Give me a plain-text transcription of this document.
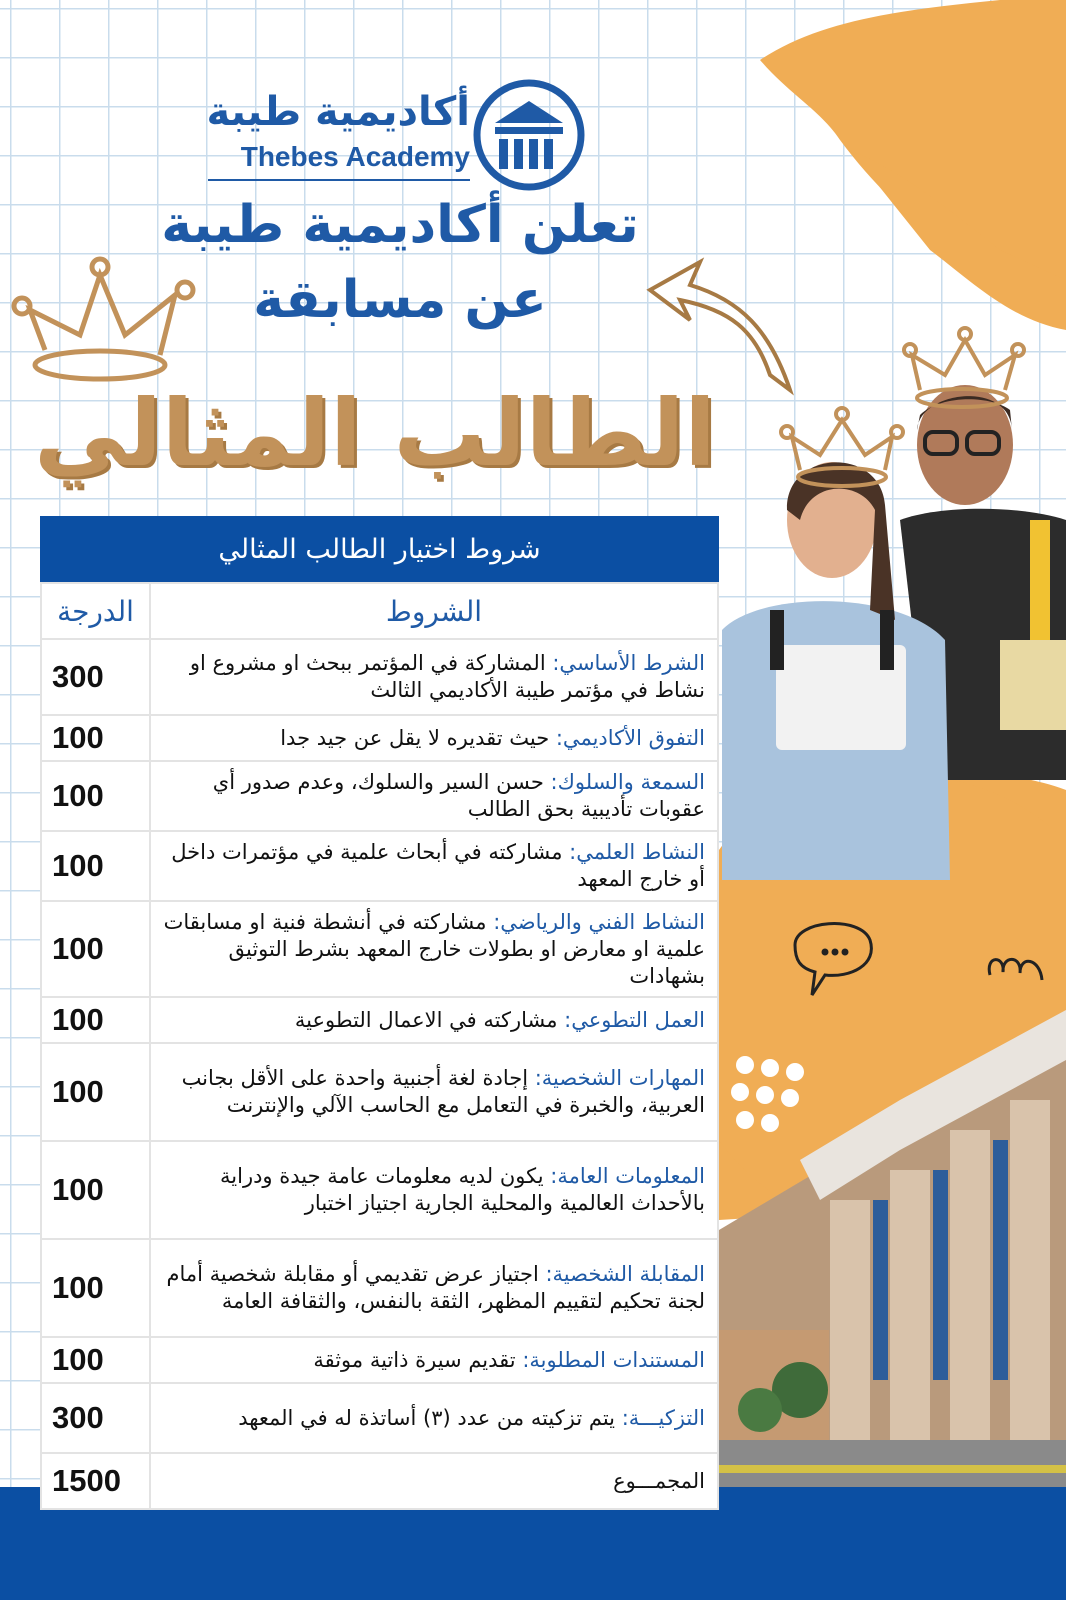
أكاديمية طيبة
Thebes Academy
تعلن أكاديمية طيبة
عن مسابقة
الطالب المثالي
شروط اختيار الطالب المثالي
الشروط	الدرجة
الشرط الأساسي: المشاركة في المؤتمر ببحث او مشروع او نشاط في مؤتمر طيبة الأكاديمي الثالث	300
التفوق الأكاديمي: حيث تقديره لا يقل عن جيد جدا	100
السمعة والسلوك: حسن السير والسلوك، وعدم صدور أي عقوبات تأديبية بحق الطالب	100
النشاط العلمي: مشاركته في أبحاث علمية في مؤتمرات داخل أو خارج المعهد	100
النشاط الفني والرياضي: مشاركته في أنشطة فنية او مسابقات علمية او معارض او بطولات خارج المعهد بشرط التوثيق بشهادات	100
العمل التطوعي: مشاركته في الاعمال التطوعية	100
المهارات الشخصية: إجادة لغة أجنبية واحدة على الأقل بجانب العربية، والخبرة في التعامل مع الحاسب الآلي والإنترنت	100
المعلومات العامة: يكون لديه معلومات عامة جيدة ودراية بالأحداث العالمية والمحلية الجارية اجتياز اختبار	100
المقابلة الشخصية: اجتياز عرض تقديمي أو مقابلة شخصية أمام لجنة تحكيم لتقييم المظهر، الثقة بالنفس، والثقافة العامة	100
المستندات المطلوبة: تقديم سيرة ذاتية موثقة	100
التزكيـــة: يتم تزكيته من عدد (٣) أساتذة له في المعهد	300
المجمـــوع	1500
